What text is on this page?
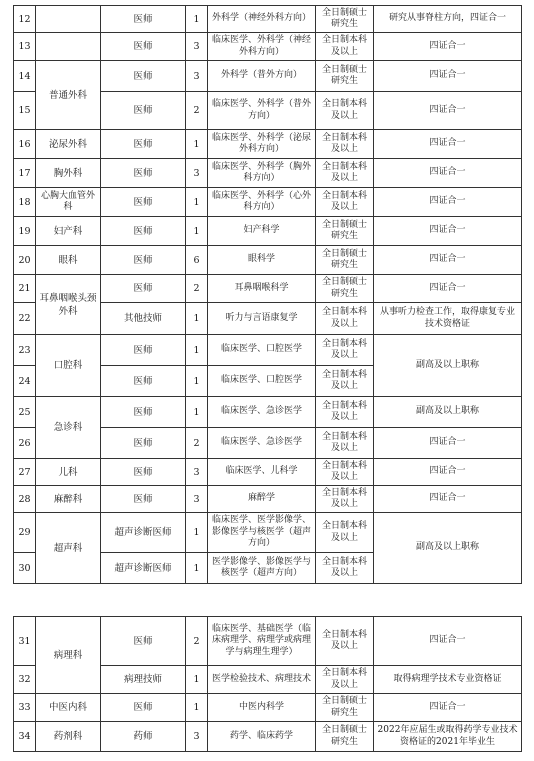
12		医师	1	外科学（神经外科方向）	全日制硕士研究生	研究从事脊柱方向，四证合一
13		医师	3	临床医学、外科学（神经外科方向）	全日制本科及以上	四证合一
14	普通外科	医师	3	外科学（普外方向）	全日制硕士研究生	四证合一
15		医师	2	临床医学、外科学（普外方向）	全日制本科及以上	四证合一
16	泌尿外科	医师	1	临床医学、外科学（泌尿外科方向）	全日制本科及以上	四证合一
17	胸外科	医师	3	临床医学、外科学（胸外科方向）	全日制本科及以上	四证合一
18	心胸大血管外科	医师	1	临床医学、外科学（心外科方向）	全日制本科及以上	四证合一
19	妇产科	医师	1	妇产科学	全日制硕士研究生	四证合一
20	眼科	医师	6	眼科学	全日制硕士研究生	四证合一
21	耳鼻咽喉头颈外科	医师	2	耳鼻咽喉科学	全日制硕士研究生	四证合一
22		其他技师	1	听力与言语康复学	全日制本科及以上	从事听力检查工作，取得康复专业技术资格证
23	口腔科	医师	1	临床医学、口腔医学	全日制本科及以上	副高及以上职称
24		医师	1	临床医学、口腔医学	全日制本科及以上	
25	急诊科	医师	1	临床医学、急诊医学	全日制本科及以上	副高及以上职称
26		医师	2	临床医学、急诊医学	全日制本科及以上	四证合一
27	儿科	医师	3	临床医学、儿科学	全日制本科及以上	四证合一
28	麻醉科	医师	3	麻醉学	全日制本科及以上	四证合一
29	超声科	超声诊断医师	1	临床医学、医学影像学、影像医学与核医学（超声方向）	全日制本科及以上	副高及以上职称
30		超声诊断医师	1	医学影像学、影像医学与核医学（超声方向）	全日制本科及以上	
31	病理科	医师	2	临床医学、基础医学（临床病理学、病理学或病理学与病理生理学）	全日制本科及以上	四证合一
32		病理技师	1	医学检验技术、病理技术	全日制本科及以上	取得病理学技术专业资格证
33	中医内科	医师	1	中医内科学	全日制硕士研究生	四证合一
34	药剂科	药师	3	药学、临床药学	全日制硕士研究生	2022年应届生或取得药学专业技术资格证的2021年毕业生
